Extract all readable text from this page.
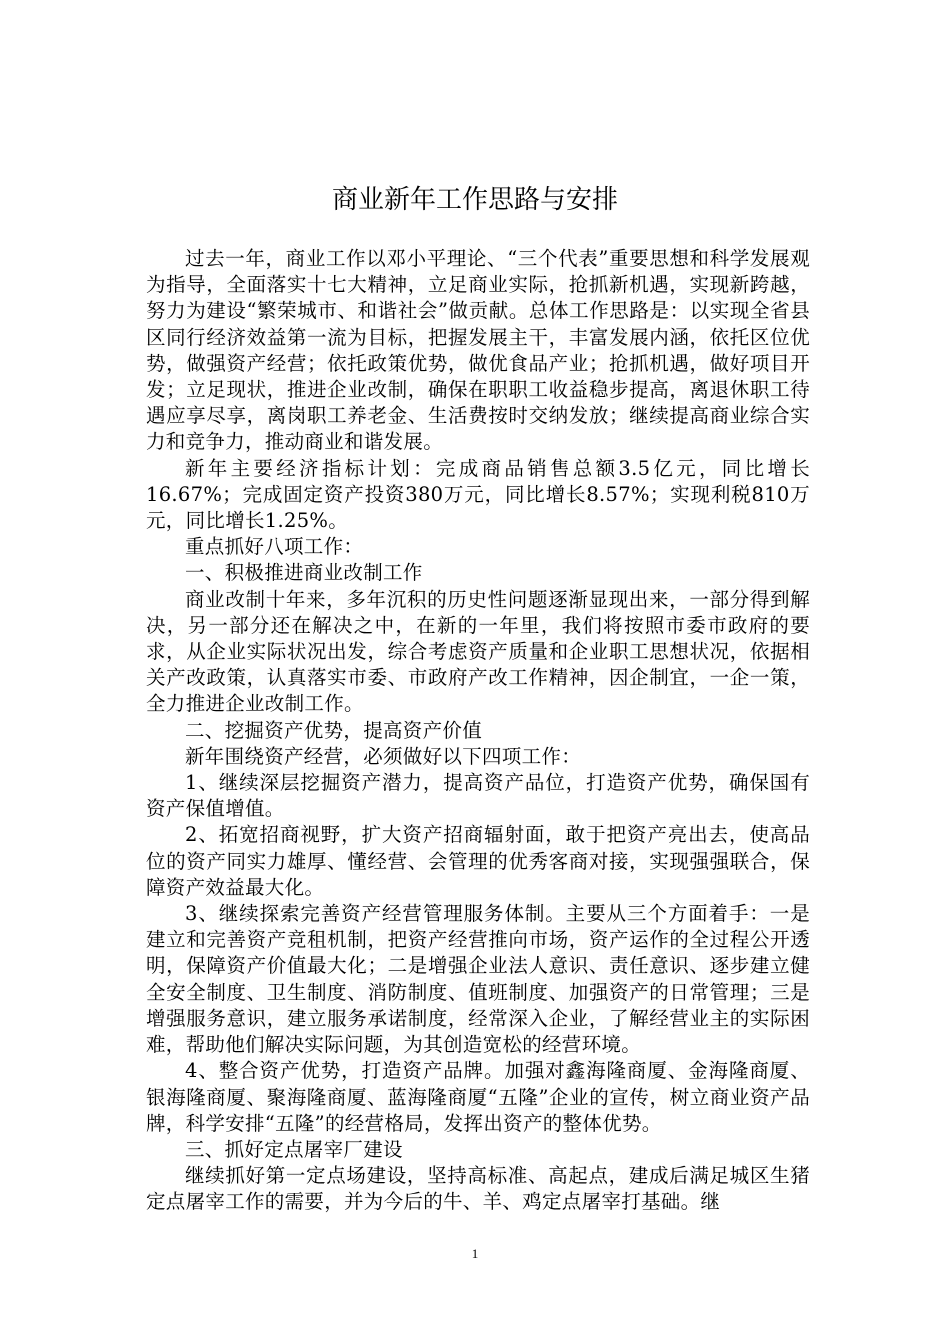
商业新年工作思路与安排

过去一年，商业工作以邓小平理论、“三个代表”重要思想和科学发展观为指导，全面落实十七大精神，立足商业实际，抢抓新机遇，实现新跨越，努力为建设“繁荣城市、和谐社会”做贡献。总体工作思路是：以实现全省县区同行经济效益第一流为目标，把握发展主干，丰富发展内涵，依托区位优势，做强资产经营；依托政策优势，做优食品产业；抢抓机遇，做好项目开发；立足现状，推进企业改制，确保在职职工收益稳步提高，离退休职工待遇应享尽享，离岗职工养老金、生活费按时交纳发放；继续提高商业综合实力和竞争力，推动商业和谐发展。

新年主要经济指标计划：完成商品销售总额3.5亿元，同比增长16.67%；完成固定资产投资380万元，同比增长8.57%；实现利税810万元，同比增长1.25%。

重点抓好八项工作：

一、积极推进商业改制工作

商业改制十年来，多年沉积的历史性问题逐渐显现出来，一部分得到解决，另一部分还在解决之中，在新的一年里，我们将按照市委市政府的要求，从企业实际状况出发，综合考虑资产质量和企业职工思想状况，依据相关产改政策，认真落实市委、市政府产改工作精神，因企制宜，一企一策，全力推进企业改制工作。

二、挖掘资产优势，提高资产价值

新年围绕资产经营，必须做好以下四项工作：

1、继续深层挖掘资产潜力，提高资产品位，打造资产优势，确保国有资产保值增值。

2、拓宽招商视野，扩大资产招商辐射面，敢于把资产亮出去，使高品位的资产同实力雄厚、懂经营、会管理的优秀客商对接，实现强强联合，保障资产效益最大化。

3、继续探索完善资产经营管理服务体制。主要从三个方面着手：一是建立和完善资产竞租机制，把资产经营推向市场，资产运作的全过程公开透明，保障资产价值最大化；二是增强企业法人意识、责任意识、逐步建立健全安全制度、卫生制度、消防制度、值班制度、加强资产的日常管理；三是增强服务意识，建立服务承诺制度，经常深入企业，了解经营业主的实际困难，帮助他们解决实际问题，为其创造宽松的经营环境。

4、整合资产优势，打造资产品牌。加强对鑫海隆商厦、金海隆商厦、银海隆商厦、聚海隆商厦、蓝海隆商厦“五隆”企业的宣传，树立商业资产品牌，科学安排“五隆”的经营格局，发挥出资产的整体优势。

三、抓好定点屠宰厂建设

继续抓好第一定点场建设，坚持高标准、高起点，建成后满足城区生猪定点屠宰工作的需要，并为今后的牛、羊、鸡定点屠宰打基础。继

1
